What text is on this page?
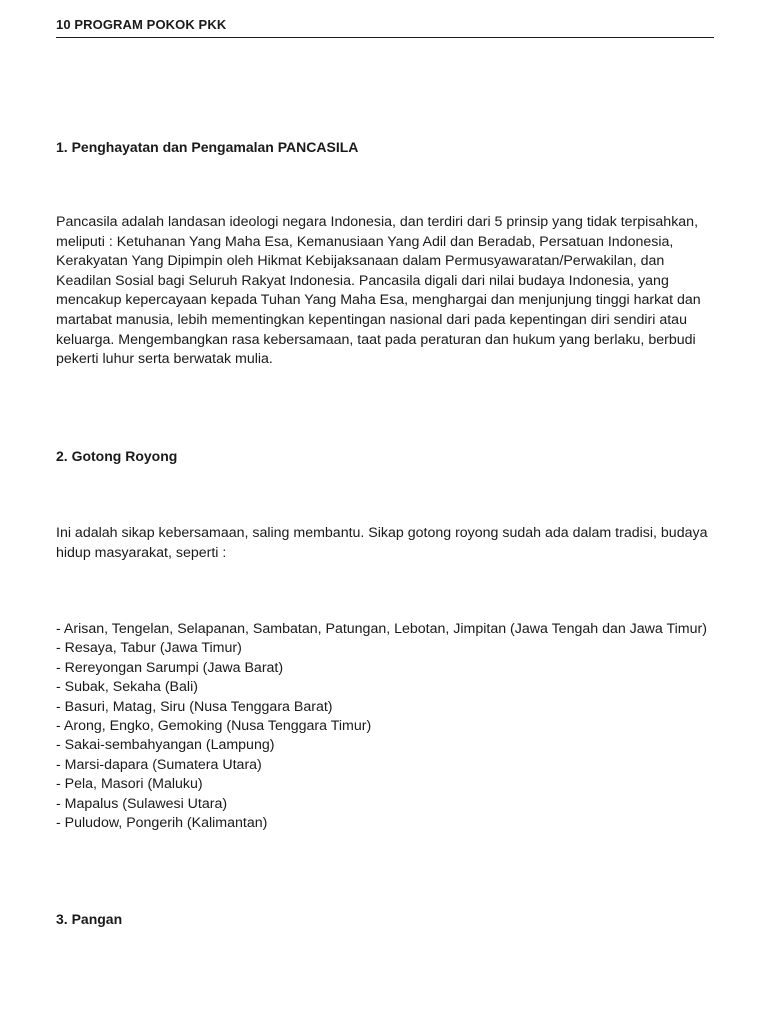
10 PROGRAM POKOK PKK
1. Penghayatan dan Pengamalan PANCASILA
Pancasila adalah landasan ideologi negara Indonesia, dan terdiri dari 5 prinsip yang tidak terpisahkan, meliputi : Ketuhanan Yang Maha Esa, Kemanusiaan Yang Adil dan Beradab, Persatuan Indonesia, Kerakyatan Yang Dipimpin oleh Hikmat Kebijaksanaan dalam Permusyawaratan/Perwakilan, dan Keadilan Sosial bagi Seluruh Rakyat Indonesia. Pancasila digali dari nilai budaya Indonesia, yang mencakup kepercayaan kepada Tuhan Yang Maha Esa, menghargai dan menjunjung tinggi harkat dan martabat manusia, lebih mementingkan kepentingan nasional dari pada kepentingan diri sendiri atau keluarga. Mengembangkan rasa kebersamaan, taat pada peraturan dan hukum yang berlaku, berbudi pekerti luhur serta berwatak mulia.
2. Gotong Royong
Ini adalah sikap kebersamaan, saling membantu. Sikap gotong royong sudah ada dalam tradisi, budaya hidup masyarakat, seperti :
- Arisan, Tengelan, Selapanan, Sambatan, Patungan, Lebotan, Jimpitan (Jawa Tengah dan Jawa Timur)
- Resaya, Tabur (Jawa Timur)
- Rereyongan Sarumpi (Jawa Barat)
- Subak, Sekaha (Bali)
- Basuri, Matag, Siru (Nusa Tenggara Barat)
- Arong, Engko, Gemoking (Nusa Tenggara Timur)
- Sakai-sembahyangan (Lampung)
- Marsi-dapara (Sumatera Utara)
- Pela, Masori (Maluku)
- Mapalus (Sulawesi Utara)
- Puludow, Pongerih (Kalimantan)
3. Pangan
